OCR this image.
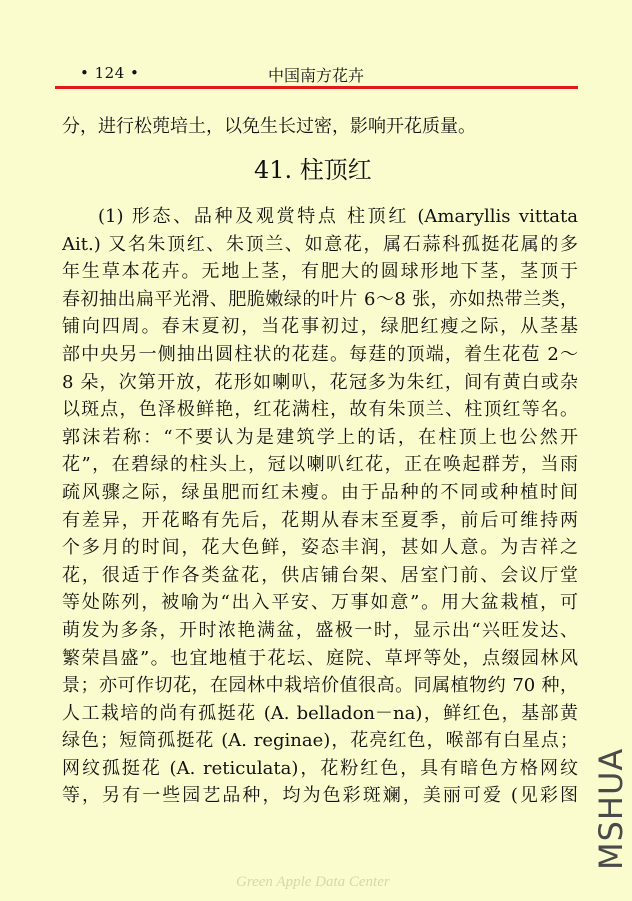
• 124 •	中国南方花卉
分，进行松蔸培土，以免生长过密，影响开花质量。
41. 柱顶红

(1) 形态、品种及观赏特点 柱顶红 (Amaryllis vittata
Ait.) 又名朱顶红、朱顶兰、如意花，属石蒜科孤挺花属的多
年生草本花卉。无地上茎，有肥大的圆球形地下茎，茎顶于
春初抽出扁平光滑、肥脆嫩绿的叶片 6～8 张，亦如热带兰类，
铺向四周。春末夏初，当花事初过，绿肥红瘦之际，从茎基
部中央另一侧抽出圆柱状的花莛。每莛的顶端，着生花苞 2～
8 朵，次第开放，花形如喇叭，花冠多为朱红，间有黄白或杂
以斑点，色泽极鲜艳，红花满柱，故有朱顶兰、柱顶红等名。
郭沫若称：“不要认为是建筑学上的话，在柱顶上也公然开
花”，在碧绿的柱头上，冠以喇叭红花，正在唤起群芳，当雨
疏风骤之际，绿虽肥而红未瘦。由于品种的不同或种植时间
有差异，开花略有先后，花期从春末至夏季，前后可维持两
个多月的时间，花大色鲜，姿态丰润，甚如人意。为吉祥之
花，很适于作各类盆花，供店铺台架、居室门前、会议厅堂
等处陈列，被喻为“出入平安、万事如意”。用大盆栽植，可
萌发为多条，开时浓艳满盆，盛极一时，显示出“兴旺发达、
繁荣昌盛”。也宜地植于花坛、庭院、草坪等处，点缀园林风
景；亦可作切花，在园林中栽培价值很高。同属植物约 70 种，
人工栽培的尚有孤挺花 (A. belladon－na)，鲜红色，基部黄
绿色；短筒孤挺花 (A. reginae)，花亮红色，喉部有白星点；
网纹孤挺花 (A. reticulata)，花粉红色，具有暗色方格网纹
等，另有一些园艺品种，均为色彩斑斓，美丽可爱 (见彩图 MSHUA
Green Apple Data Center
